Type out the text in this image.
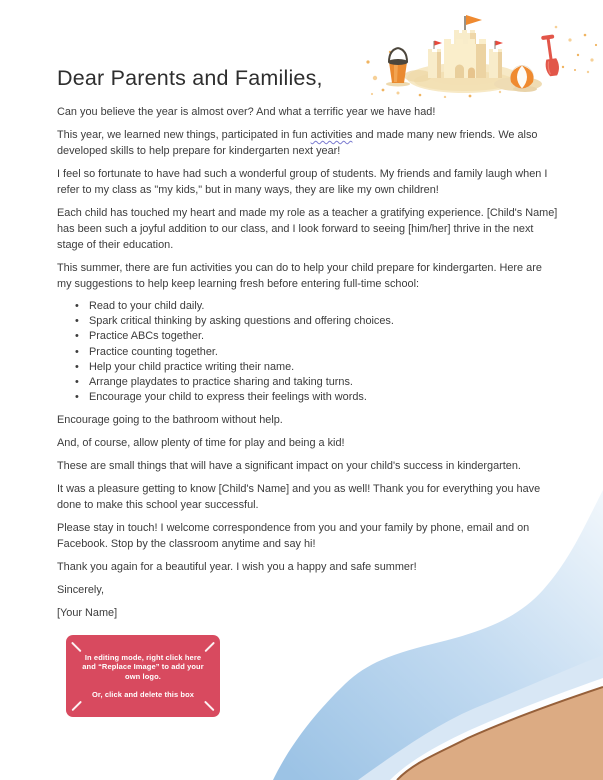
Dear Parents and Families,

Can you believe the year is almost over? And what a terrific year we have had!

This year, we learned new things, participated in fun activities and made many new friends. We also developed skills to help prepare for kindergarten next year!

I feel so fortunate to have had such a wonderful group of students. My friends and family laugh when I refer to my class as "my kids," but in many ways, they are like my own children!

Each child has touched my heart and made my role as a teacher a gratifying experience. [Child's Name] has been such a joyful addition to our class, and I look forward to seeing [him/her] thrive in the next stage of their education.

This summer, there are fun activities you can do to help your child prepare for kindergarten. Here are my suggestions to help keep learning fresh before entering full-time school:

• Read to your child daily.
• Spark critical thinking by asking questions and offering choices.
• Practice ABCs together.
• Practice counting together.
• Help your child practice writing their name.
• Arrange playdates to practice sharing and taking turns.
• Encourage your child to express their feelings with words.

Encourage going to the bathroom without help.

And, of course, allow plenty of time for play and being a kid!

These are small things that will have a significant impact on your child's success in kindergarten.

It was a pleasure getting to know [Child's Name] and you as well! Thank you for everything you have done to make this school year successful.

Please stay in touch! I welcome correspondence from you and your family by phone, email and on Facebook. Stop by the classroom anytime and say hi!

Thank you again for a beautiful year. I wish you a happy and safe summer!

Sincerely,

[Your Name]

In editing mode, right click here and “Replace Image” to add your own logo.
Or, click and delete this box
